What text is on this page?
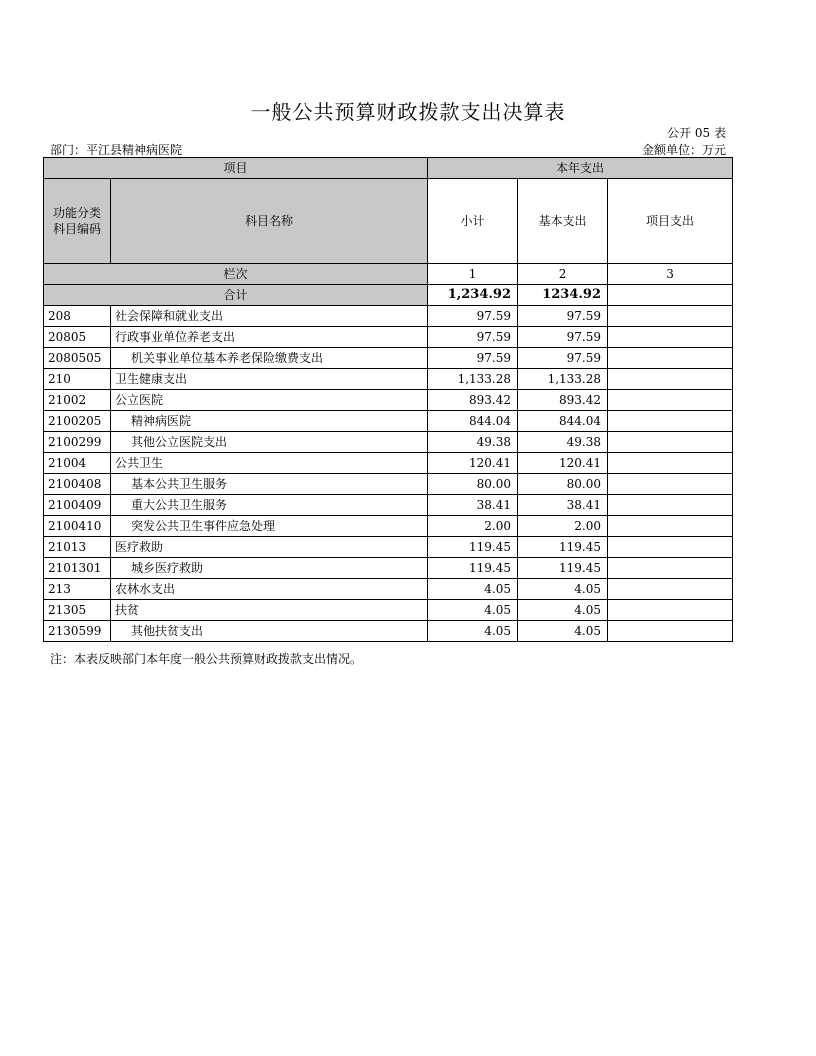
一般公共预算财政拨款支出决算表
公开 05 表
部门：平江县精神病医院	金额单位：万元
项目		本年支出		
功能分类科目编码	科目名称	小计	基本支出	项目支出
栏次		1	2	3
合计		1,234.92	1234.92	
208	社会保障和就业支出	97.59	97.59	
20805	行政事业单位养老支出	97.59	97.59	
2080505	机关事业单位基本养老保险缴费支出	97.59	97.59	
210	卫生健康支出	1,133.28	1,133.28	
21002	公立医院	893.42	893.42	
2100205	精神病医院	844.04	844.04	
2100299	其他公立医院支出	49.38	49.38	
21004	公共卫生	120.41	120.41	
2100408	基本公共卫生服务	80.00	80.00	
2100409	重大公共卫生服务	38.41	38.41	
2100410	突发公共卫生事件应急处理	2.00	2.00	
21013	医疗救助	119.45	119.45	
2101301	城乡医疗救助	119.45	119.45	
213	农林水支出	4.05	4.05	
21305	扶贫	4.05	4.05	
2130599	其他扶贫支出	4.05	4.05	
注：本表反映部门本年度一般公共预算财政拨款支出情况。
